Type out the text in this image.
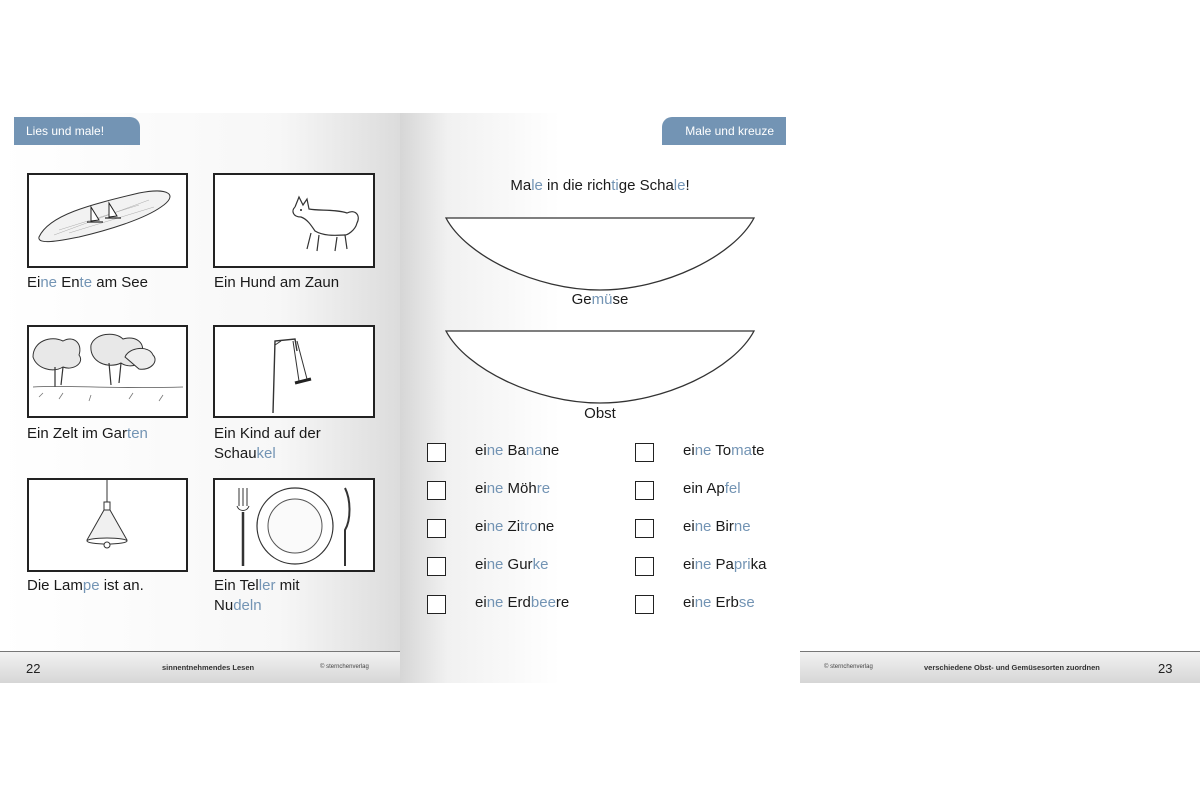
Lies und male!
Eine Ente am See	Ein Hund am Zaun
Ein Zelt im Garten	Ein Kind auf der
Schaukel
Die Lampe ist an.	Ein Teller mit
Nudeln
22	sinnentnehmendes Lesen	© sternchenverlag
Male und kreuze an!
Male in die richtige Schale!
Gemüse
Obst
eine Banane
eine Möhre
eine Zitrone
eine Gurke
eine Erdbeere
eine Tomate
ein Apfel
eine Birne
eine Paprika
eine Erbse
© sternchenverlag	verschiedene Obst- und Gemüsesorten zuordnen	23
